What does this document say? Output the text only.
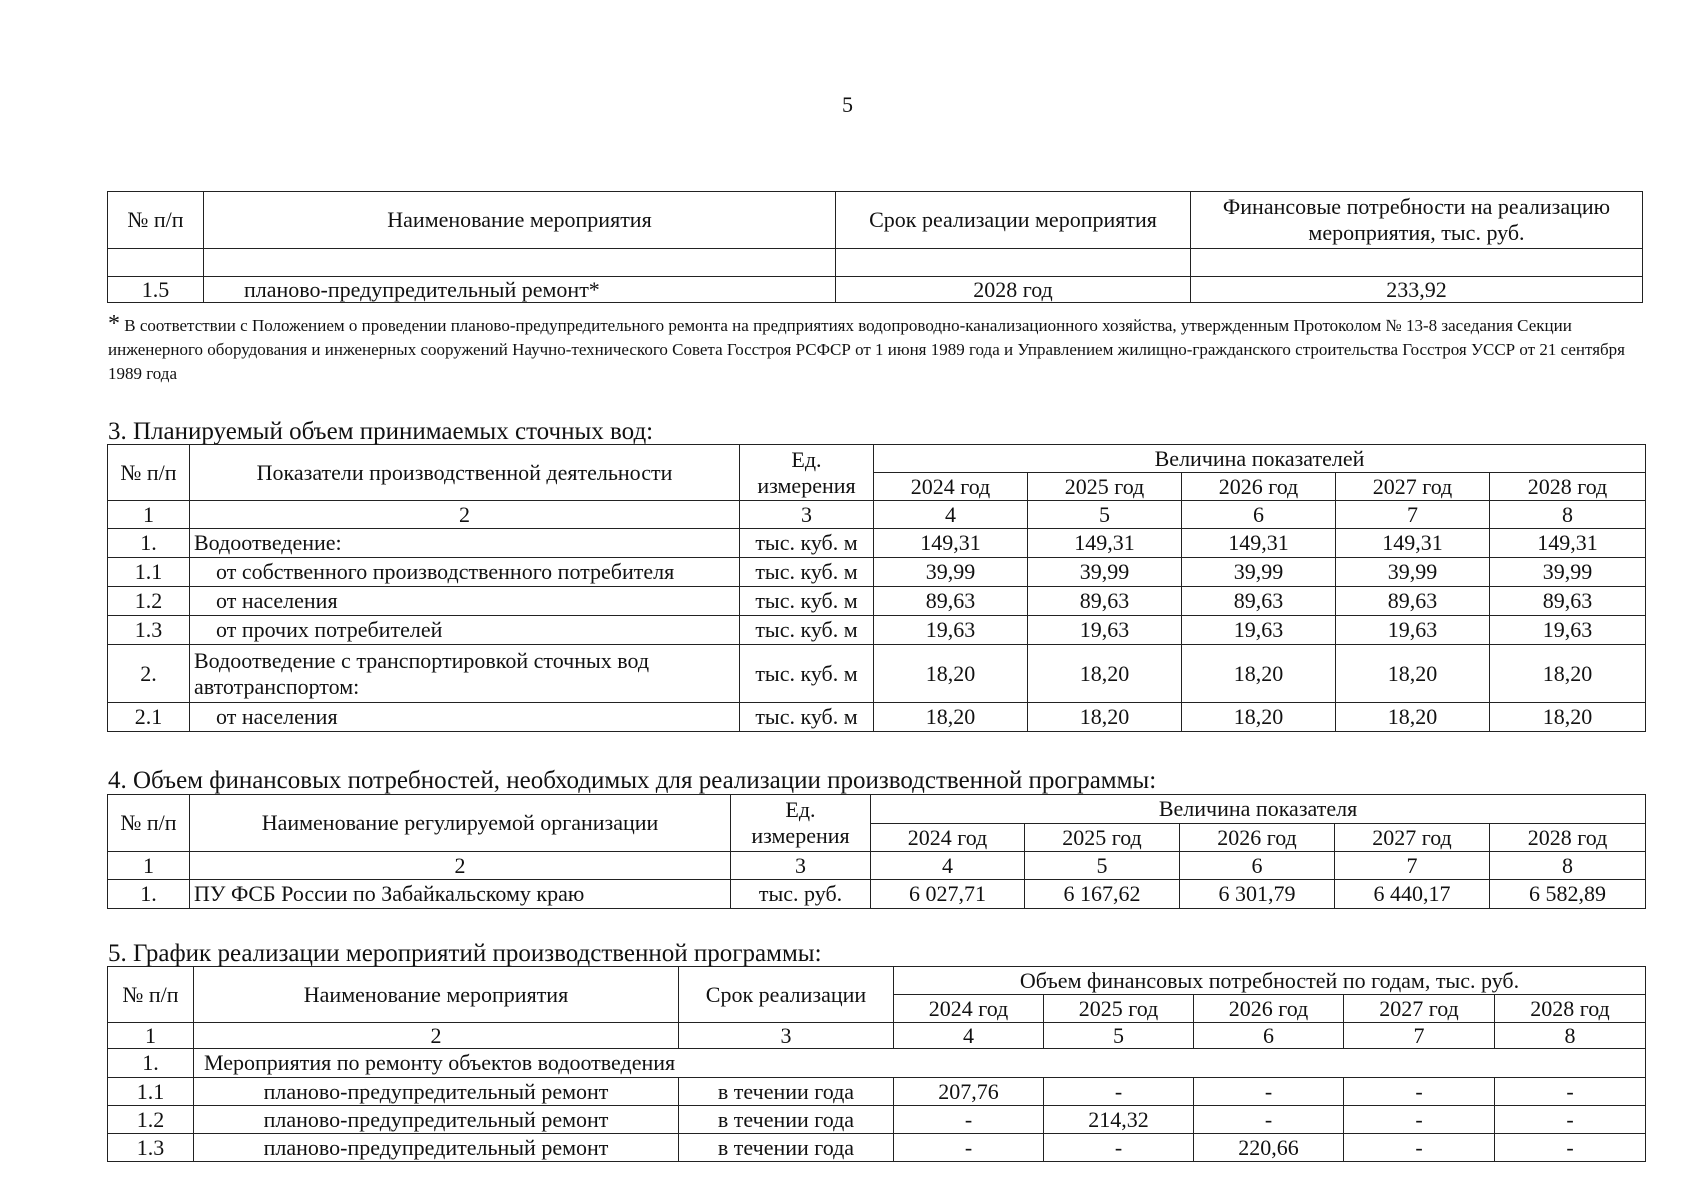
5
№ п/п	Наименование мероприятия	Срок реализации мероприятия	Финансовые потребности на реализацию мероприятия, тыс. руб.

1.5	планово-предупредительный ремонт*	2028 год	233,92
* В соответствии с Положением о проведении планово-предупредительного ремонта на предприятиях водопроводно-канализационного хозяйства, утвержденным Протоколом № 13-8 заседания Секции инженерного оборудования и инженерных сооружений Научно-технического Совета Госстроя РСФСР от 1 июня 1989 года и Управлением жилищно-гражданского строительства Госстроя УССР от 21 сентября 1989 года
3. Планируемый объем принимаемых сточных вод:
№ п/п	Показатели производственной деятельности	Ед. измерения	Величина показателей				
			2024 год	2025 год	2026 год	2027 год	2028 год
1	2	3	4	5	6	7	8
1.	Водоотведение:	тыс. куб. м	149,31	149,31	149,31	149,31	149,31
1.1	от собственного производственного потребителя	тыс. куб. м	39,99	39,99	39,99	39,99	39,99
1.2	от населения	тыс. куб. м	89,63	89,63	89,63	89,63	89,63
1.3	от прочих потребителей	тыс. куб. м	19,63	19,63	19,63	19,63	19,63
2.	Водоотведение с транспортировкой сточных вод автотранспортом:	тыс. куб. м	18,20	18,20	18,20	18,20	18,20
2.1	от населения	тыс. куб. м	18,20	18,20	18,20	18,20	18,20
4. Объем финансовых потребностей, необходимых для реализации производственной программы:
№ п/п	Наименование регулируемой организации	Ед. измерения	Величина показателя				
			2024 год	2025 год	2026 год	2027 год	2028 год
1	2	3	4	5	6	7	8
1.	ПУ ФСБ России по Забайкальскому краю	тыс. руб.	6 027,71	6 167,62	6 301,79	6 440,17	6 582,89
5. График реализации мероприятий производственной программы:
№ п/п	Наименование мероприятия	Срок реализации	Объем финансовых потребностей по годам, тыс. руб.				
			2024 год	2025 год	2026 год	2027 год	2028 год
1	2	3	4	5	6	7	8
1.	Мероприятия по ремонту объектов водоотведения						
1.1	планово-предупредительный ремонт	в течении года	207,76	-	-	-	-
1.2	планово-предупредительный ремонт	в течении года	-	214,32	-	-	-
1.3	планово-предупредительный ремонт	в течении года	-	-	220,66	-	-
